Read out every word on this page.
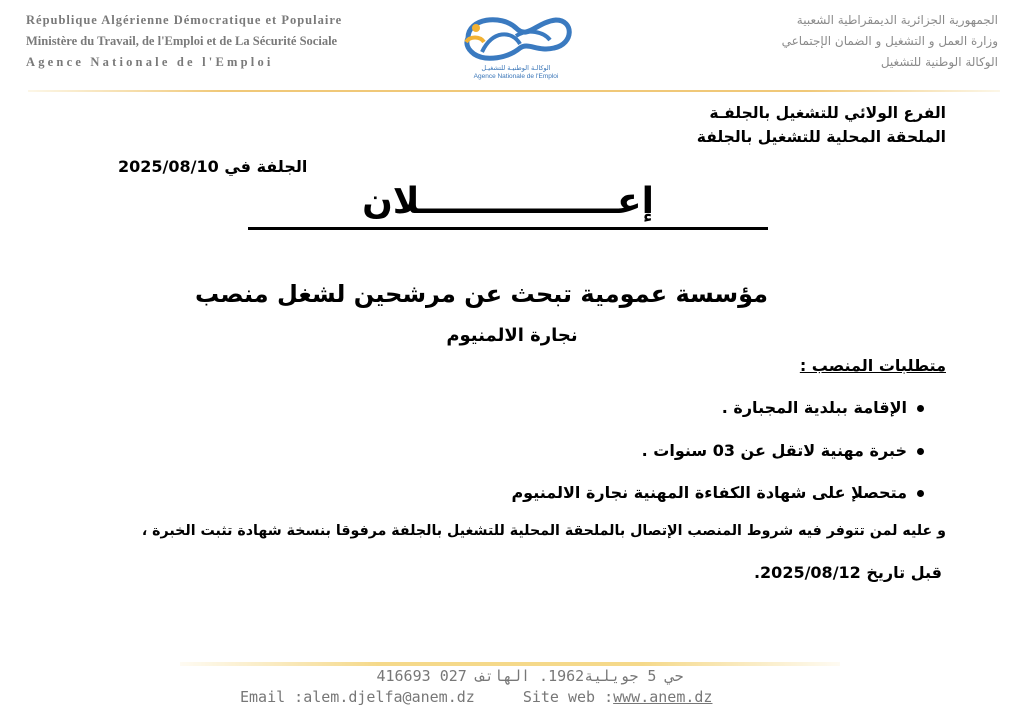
République Algérienne Démocratique et Populaire
Ministère du Travail, de l'Emploi et de La Sécurité Sociale
Agence Nationale de l'Emploi	الوكالـة الوطنيـة للتشغيـل
Agence Nationale de l'Emploi
الجمهورية الجزائرية الديمقراطية الشعبية
وزارة العمل و التشغيل و الضمان الإجتماعي
الوكالة الوطنية للتشغيل
الفرع الولائي للتشغيل بالجلفـة
الملحقة المحلية للتشغيل بالجلفة
الجلفة في 2025/08/10
إعــــــــــــــــلان
مؤسسة عمومية تبحث عن مرشحين لشغل منصب
نجارة الالمنيوم
متطلبات المنصب :
الإقامة ببلدية المجبارة .
خبرة مهنية لاتقل عن 03 سنوات .
متحصلإ على شهادة الكفاءة المهنية نجارة الالمنيوم
و عليه لمن تتوفر فيه شروط المنصب الإتصال بالملحقة المحلية للتشغيل بالجلفة مرفوقا بنسخة شهادة تثبت الخبرة ،
قبل تاريخ 2025/08/12.
حي 5 جويلية1962. الهاتف 027 416693
Email :alem.djelfa@anem.dz	Site web :www.anem.dz
